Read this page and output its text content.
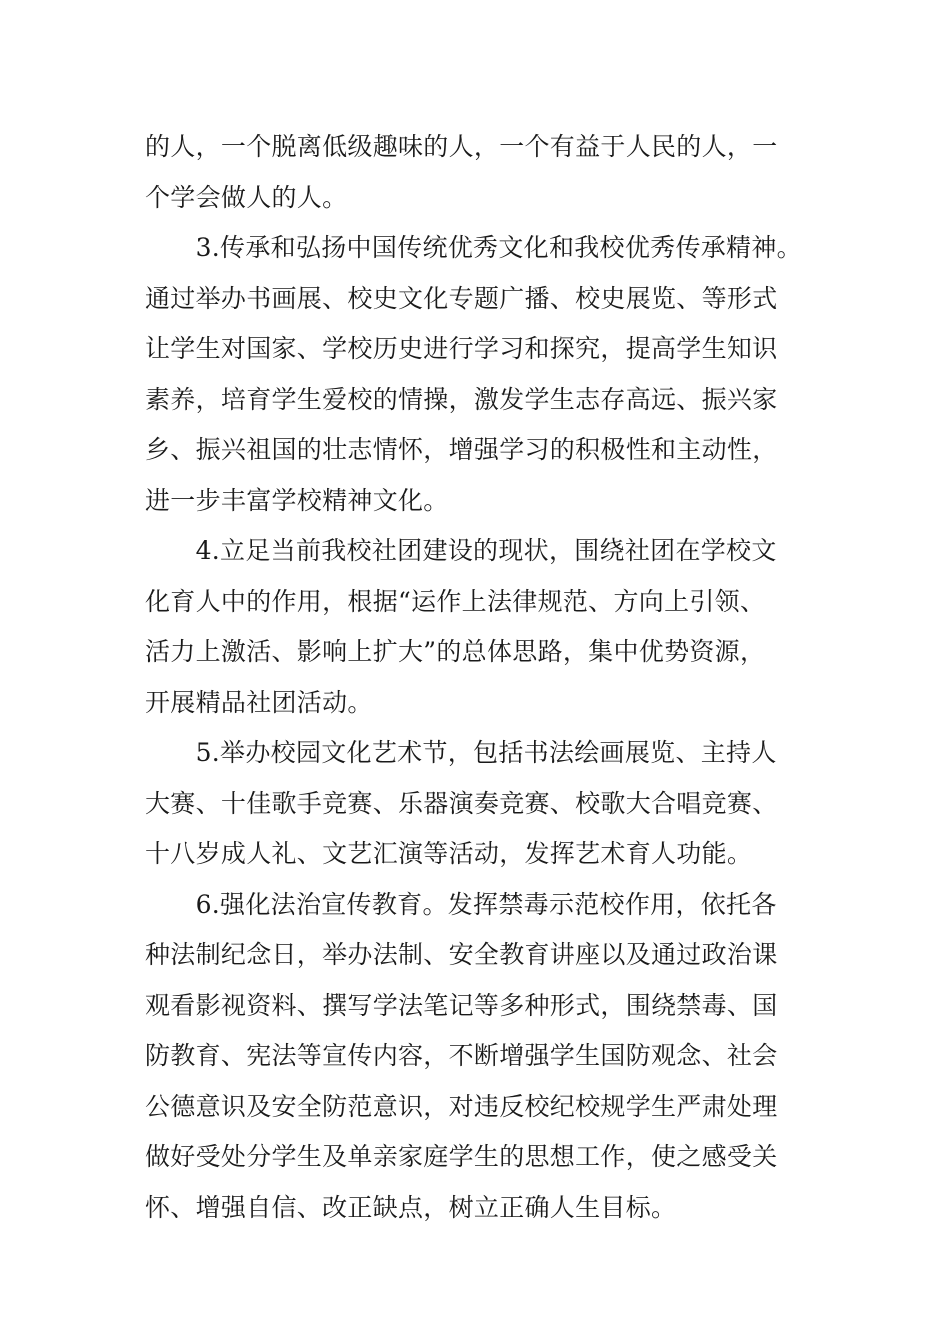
的人，一个脱离低级趣味的人，一个有益于人民的人，一
个学会做人的人。
　　3.传承和弘扬中国传统优秀文化和我校优秀传承精神。
通过举办书画展、校史文化专题广播、校史展览、等形式
让学生对国家、学校历史进行学习和探究，提高学生知识
素养，培育学生爱校的情操，激发学生志存高远、振兴家
乡、振兴祖国的壮志情怀，增强学习的积极性和主动性，
进一步丰富学校精神文化。
　　4.立足当前我校社团建设的现状，围绕社团在学校文
化育人中的作用，根据“运作上法律规范、方向上引领、
活力上激活、影响上扩大”的总体思路，集中优势资源，
开展精品社团活动。
　　5.举办校园文化艺术节，包括书法绘画展览、主持人
大赛、十佳歌手竞赛、乐器演奏竞赛、校歌大合唱竞赛、
十八岁成人礼、文艺汇演等活动，发挥艺术育人功能。
　　6.强化法治宣传教育。发挥禁毒示范校作用，依托各
种法制纪念日，举办法制、安全教育讲座以及通过政治课
观看影视资料、撰写学法笔记等多种形式，围绕禁毒、国
防教育、宪法等宣传内容，不断增强学生国防观念、社会
公德意识及安全防范意识，对违反校纪校规学生严肃处理
做好受处分学生及单亲家庭学生的思想工作，使之感受关
怀、增强自信、改正缺点，树立正确人生目标。
